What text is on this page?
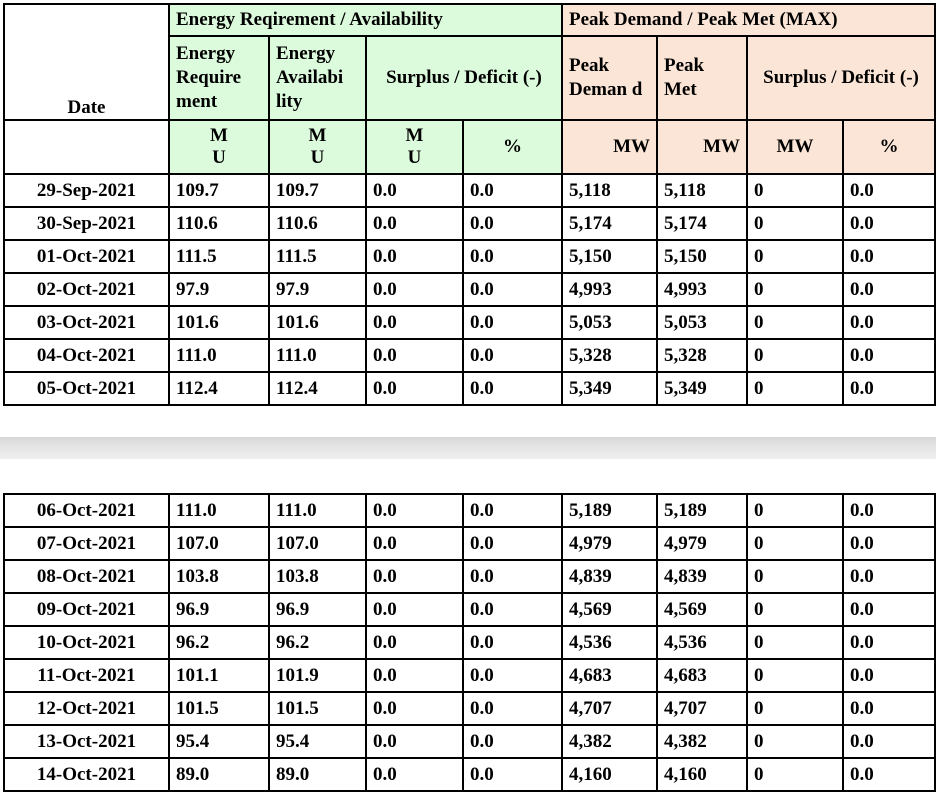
Date	Energy Reqirement / Availability				Peak Demand / Peak Met (MAX)			
	Energy Require ment	Energy Availabi lity	Surplus / Deficit (-)		Peak Deman d	Peak Met	Surplus / Deficit (-)	
	M U	M U	M U	%	MW	MW	MW	%
29-Sep-2021	109.7	109.7	0.0	0.0	5,118	5,118	0	0.0
30-Sep-2021	110.6	110.6	0.0	0.0	5,174	5,174	0	0.0
01-Oct-2021	111.5	111.5	0.0	0.0	5,150	5,150	0	0.0
02-Oct-2021	97.9	97.9	0.0	0.0	4,993	4,993	0	0.0
03-Oct-2021	101.6	101.6	0.0	0.0	5,053	5,053	0	0.0
04-Oct-2021	111.0	111.0	0.0	0.0	5,328	5,328	0	0.0
05-Oct-2021	112.4	112.4	0.0	0.0	5,349	5,349	0	0.0
06-Oct-2021	111.0	111.0	0.0	0.0	5,189	5,189	0	0.0
07-Oct-2021	107.0	107.0	0.0	0.0	4,979	4,979	0	0.0
08-Oct-2021	103.8	103.8	0.0	0.0	4,839	4,839	0	0.0
09-Oct-2021	96.9	96.9	0.0	0.0	4,569	4,569	0	0.0
10-Oct-2021	96.2	96.2	0.0	0.0	4,536	4,536	0	0.0
11-Oct-2021	101.1	101.9	0.0	0.0	4,683	4,683	0	0.0
12-Oct-2021	101.5	101.5	0.0	0.0	4,707	4,707	0	0.0
13-Oct-2021	95.4	95.4	0.0	0.0	4,382	4,382	0	0.0
14-Oct-2021	89.0	89.0	0.0	0.0	4,160	4,160	0	0.0
